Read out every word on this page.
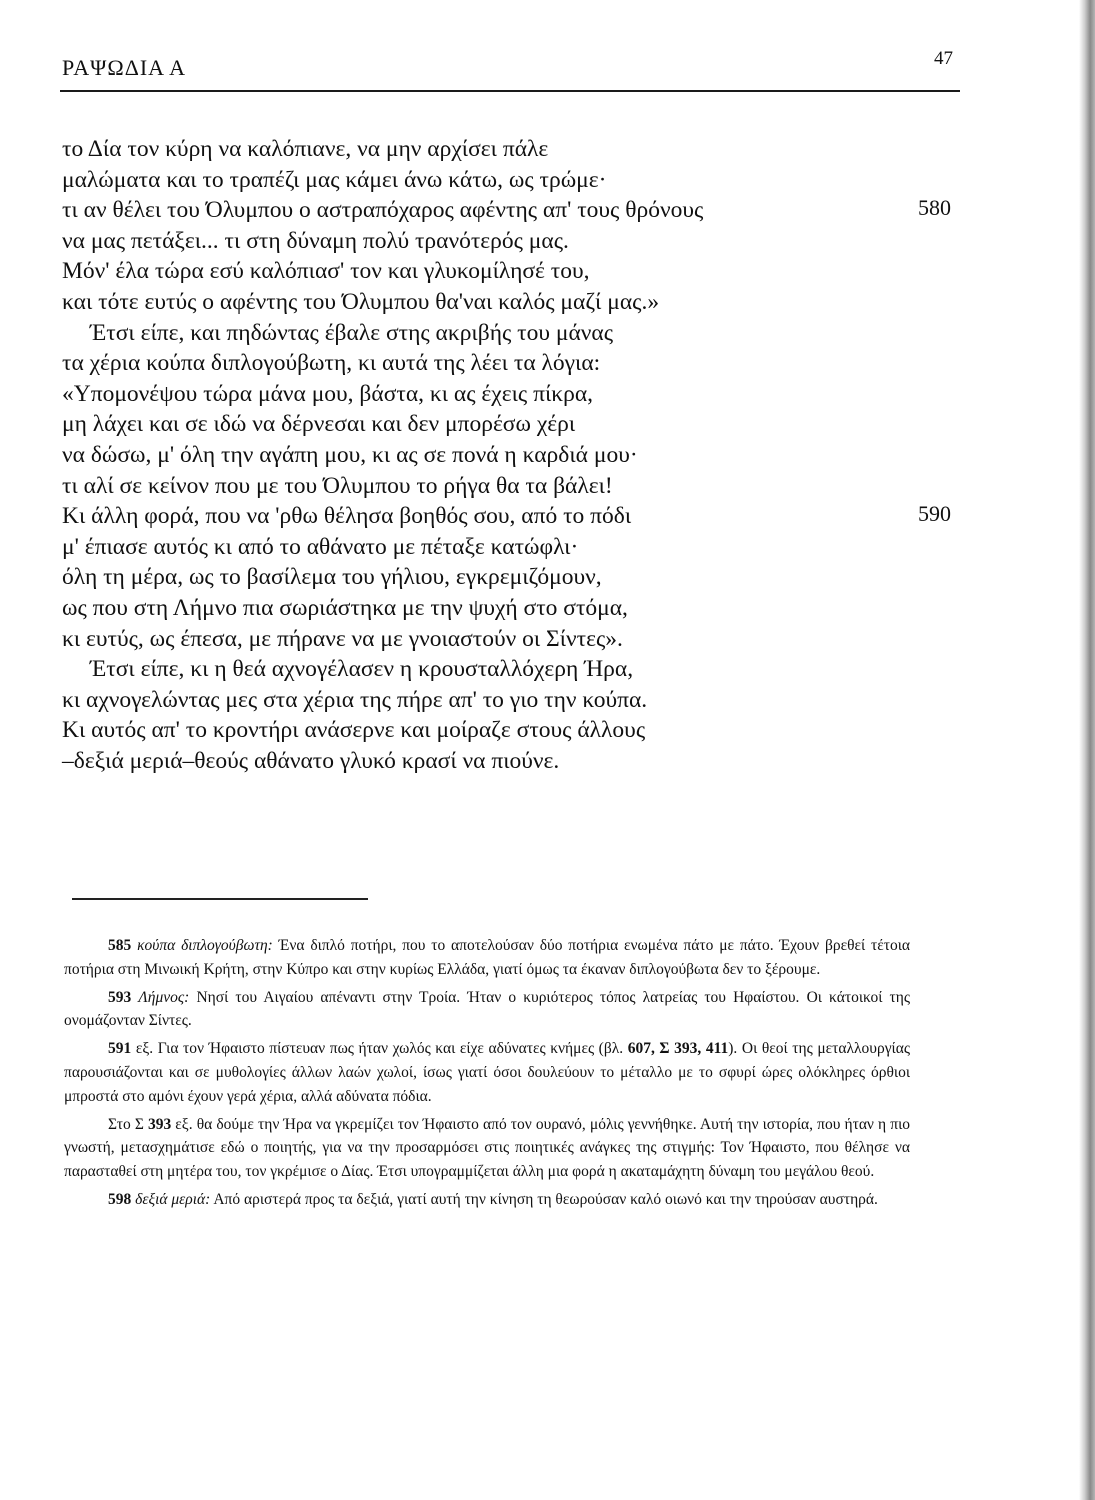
ΡΑΨΩΔΙΑ Α	47
το Δία τον κύρη να καλόπιανε, να μην αρχίσει πάλε
μαλώματα και το τραπέζι μας κάμει άνω κάτω, ως τρώμε·
τι αν θέλει του Όλυμπου ο αστραπόχαρος αφέντης απ' τους θρόνους
να μας πετάξει... τι στη δύναμη πολύ τρανότερός μας.
Μόν' έλα τώρα εσύ καλόπιασ' τον και γλυκομίλησέ του,
και τότε ευτύς ο αφέντης του Όλυμπου θα'ναι καλός μαζί μας.»
Έτσι είπε, και πηδώντας έβαλε στης ακριβής του μάνας
τα χέρια κούπα διπλογούβωτη, κι αυτά της λέει τα λόγια:
«Υπομονέψου τώρα μάνα μου, βάστα, κι ας έχεις πίκρα,
μη λάχει και σε ιδώ να δέρνεσαι και δεν μπορέσω χέρι
να δώσω, μ' όλη την αγάπη μου, κι ας σε πονά η καρδιά μου·
τι αλί σε κείνον που με του Όλυμπου το ρήγα θα τα βάλει!
Κι άλλη φορά, που να 'ρθω θέλησα βοηθός σου, από το πόδι
μ' έπιασε αυτός κι από το αθάνατο με πέταξε κατώφλι·
όλη τη μέρα, ως το βασίλεμα του γήλιου, εγκρεμιζόμουν,
ως που στη Λήμνο πια σωριάστηκα με την ψυχή στο στόμα,
κι ευτύς, ως έπεσα, με πήρανε να με γνοιαστούν οι Σίντες».
Έτσι είπε, κι η θεά αχνογέλασεν η κρουσταλλόχερη Ήρα,
κι αχνογελώντας μες στα χέρια της πήρε απ' το γιο την κούπα.
Κι αυτός απ' το κροντήρι ανάσερνε και μοίραζε στους άλλους
–δεξιά μεριά–θεούς αθάνατο γλυκό κρασί να πιούνε.
580
590

585 κούπα διπλογούβωτη: Ένα διπλό ποτήρι, που το αποτελούσαν δύο ποτήρια ενωμένα πάτο με πάτο. Έχουν βρεθεί τέτοια ποτήρια στη Μινωική Κρήτη, στην Κύπρο και στην κυρίως Ελλάδα, γιατί όμως τα έκαναν διπλογούβωτα δεν το ξέρουμε.

593 Λήμνος: Νησί του Αιγαίου απέναντι στην Τροία. Ήταν ο κυριότερος τόπος λατρείας του Ηφαίστου. Οι κάτοικοί της ονομάζονταν Σίντες.

591 εξ. Για τον Ήφαιστο πίστευαν πως ήταν χωλός και είχε αδύνατες κνήμες (βλ. 607, Σ 393, 411). Οι θεοί της μεταλλουργίας παρουσιάζονται και σε μυθολογίες άλλων λαών χωλοί, ίσως γιατί όσοι δουλεύουν το μέταλλο με το σφυρί ώρες ολόκληρες όρθιοι μπροστά στο αμόνι έχουν γερά χέρια, αλλά αδύνατα πόδια.

Στο Σ 393 εξ. θα δούμε την Ήρα να γκρεμίζει τον Ήφαιστο από τον ουρανό, μόλις γεννήθηκε. Αυτή την ιστορία, που ήταν η πιο γνωστή, μετασχημάτισε εδώ ο ποιητής, για να την προσαρμόσει στις ποιητικές ανάγκες της στιγμής: Τον Ήφαιστο, που θέλησε να παρασταθεί στη μητέρα του, τον γκρέμισε ο Δίας. Έτσι υπογραμμίζεται άλλη μια φορά η ακαταμάχητη δύναμη του μεγάλου θεού.

598 δεξιά μεριά: Από αριστερά προς τα δεξιά, γιατί αυτή την κίνηση τη θεωρούσαν καλό οιωνό και την τηρούσαν αυστηρά.
